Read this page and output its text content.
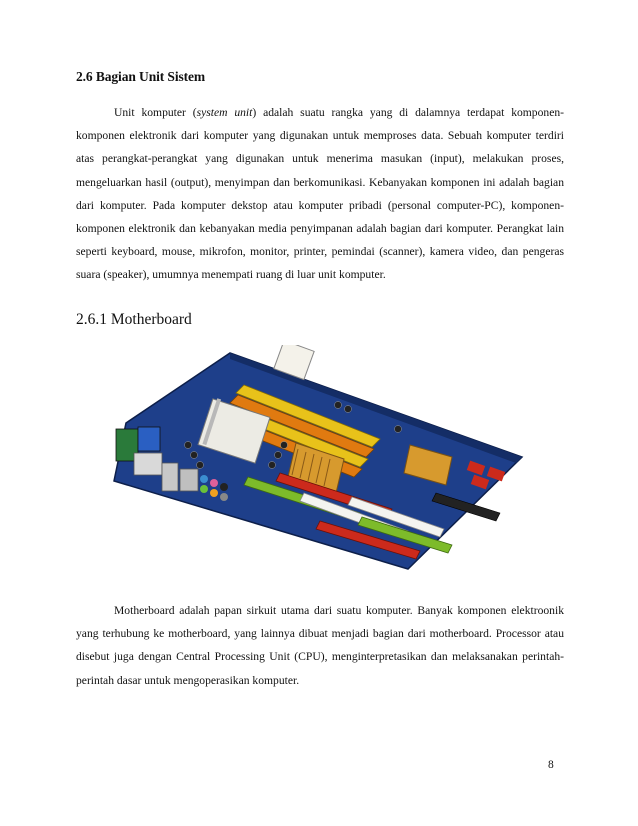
2.6 Bagian Unit Sistem

Unit komputer (system unit) adalah suatu rangka yang di dalamnya terdapat komponen-komponen elektronik dari komputer yang digunakan untuk memproses data. Sebuah komputer terdiri atas perangkat-perangkat yang digunakan untuk menerima masukan (input), melakukan proses, mengeluarkan hasil (output), menyimpan dan berkomunikasi. Kebanyakan komponen ini adalah bagian dari komputer. Pada komputer dekstop atau komputer pribadi (personal computer-PC), komponen-komponen elektronik dan kebanyakan media penyimpanan adalah bagian dari komputer. Perangkat lain seperti keyboard, mouse, mikrofon, monitor, printer, pemindai (scanner), kamera video, dan pengeras suara (speaker), umumnya menempati ruang di luar unit komputer.

2.6.1 Motherboard

Motherboard adalah papan sirkuit utama dari suatu komputer. Banyak komponen elektroonik yang terhubung ke motherboard, yang lainnya dibuat menjadi bagian dari motherboard. Processor atau disebut juga dengan Central Processing Unit (CPU), menginterpretasikan dan melaksanakan perintah-perintah dasar untuk mengoperasikan komputer.

8
